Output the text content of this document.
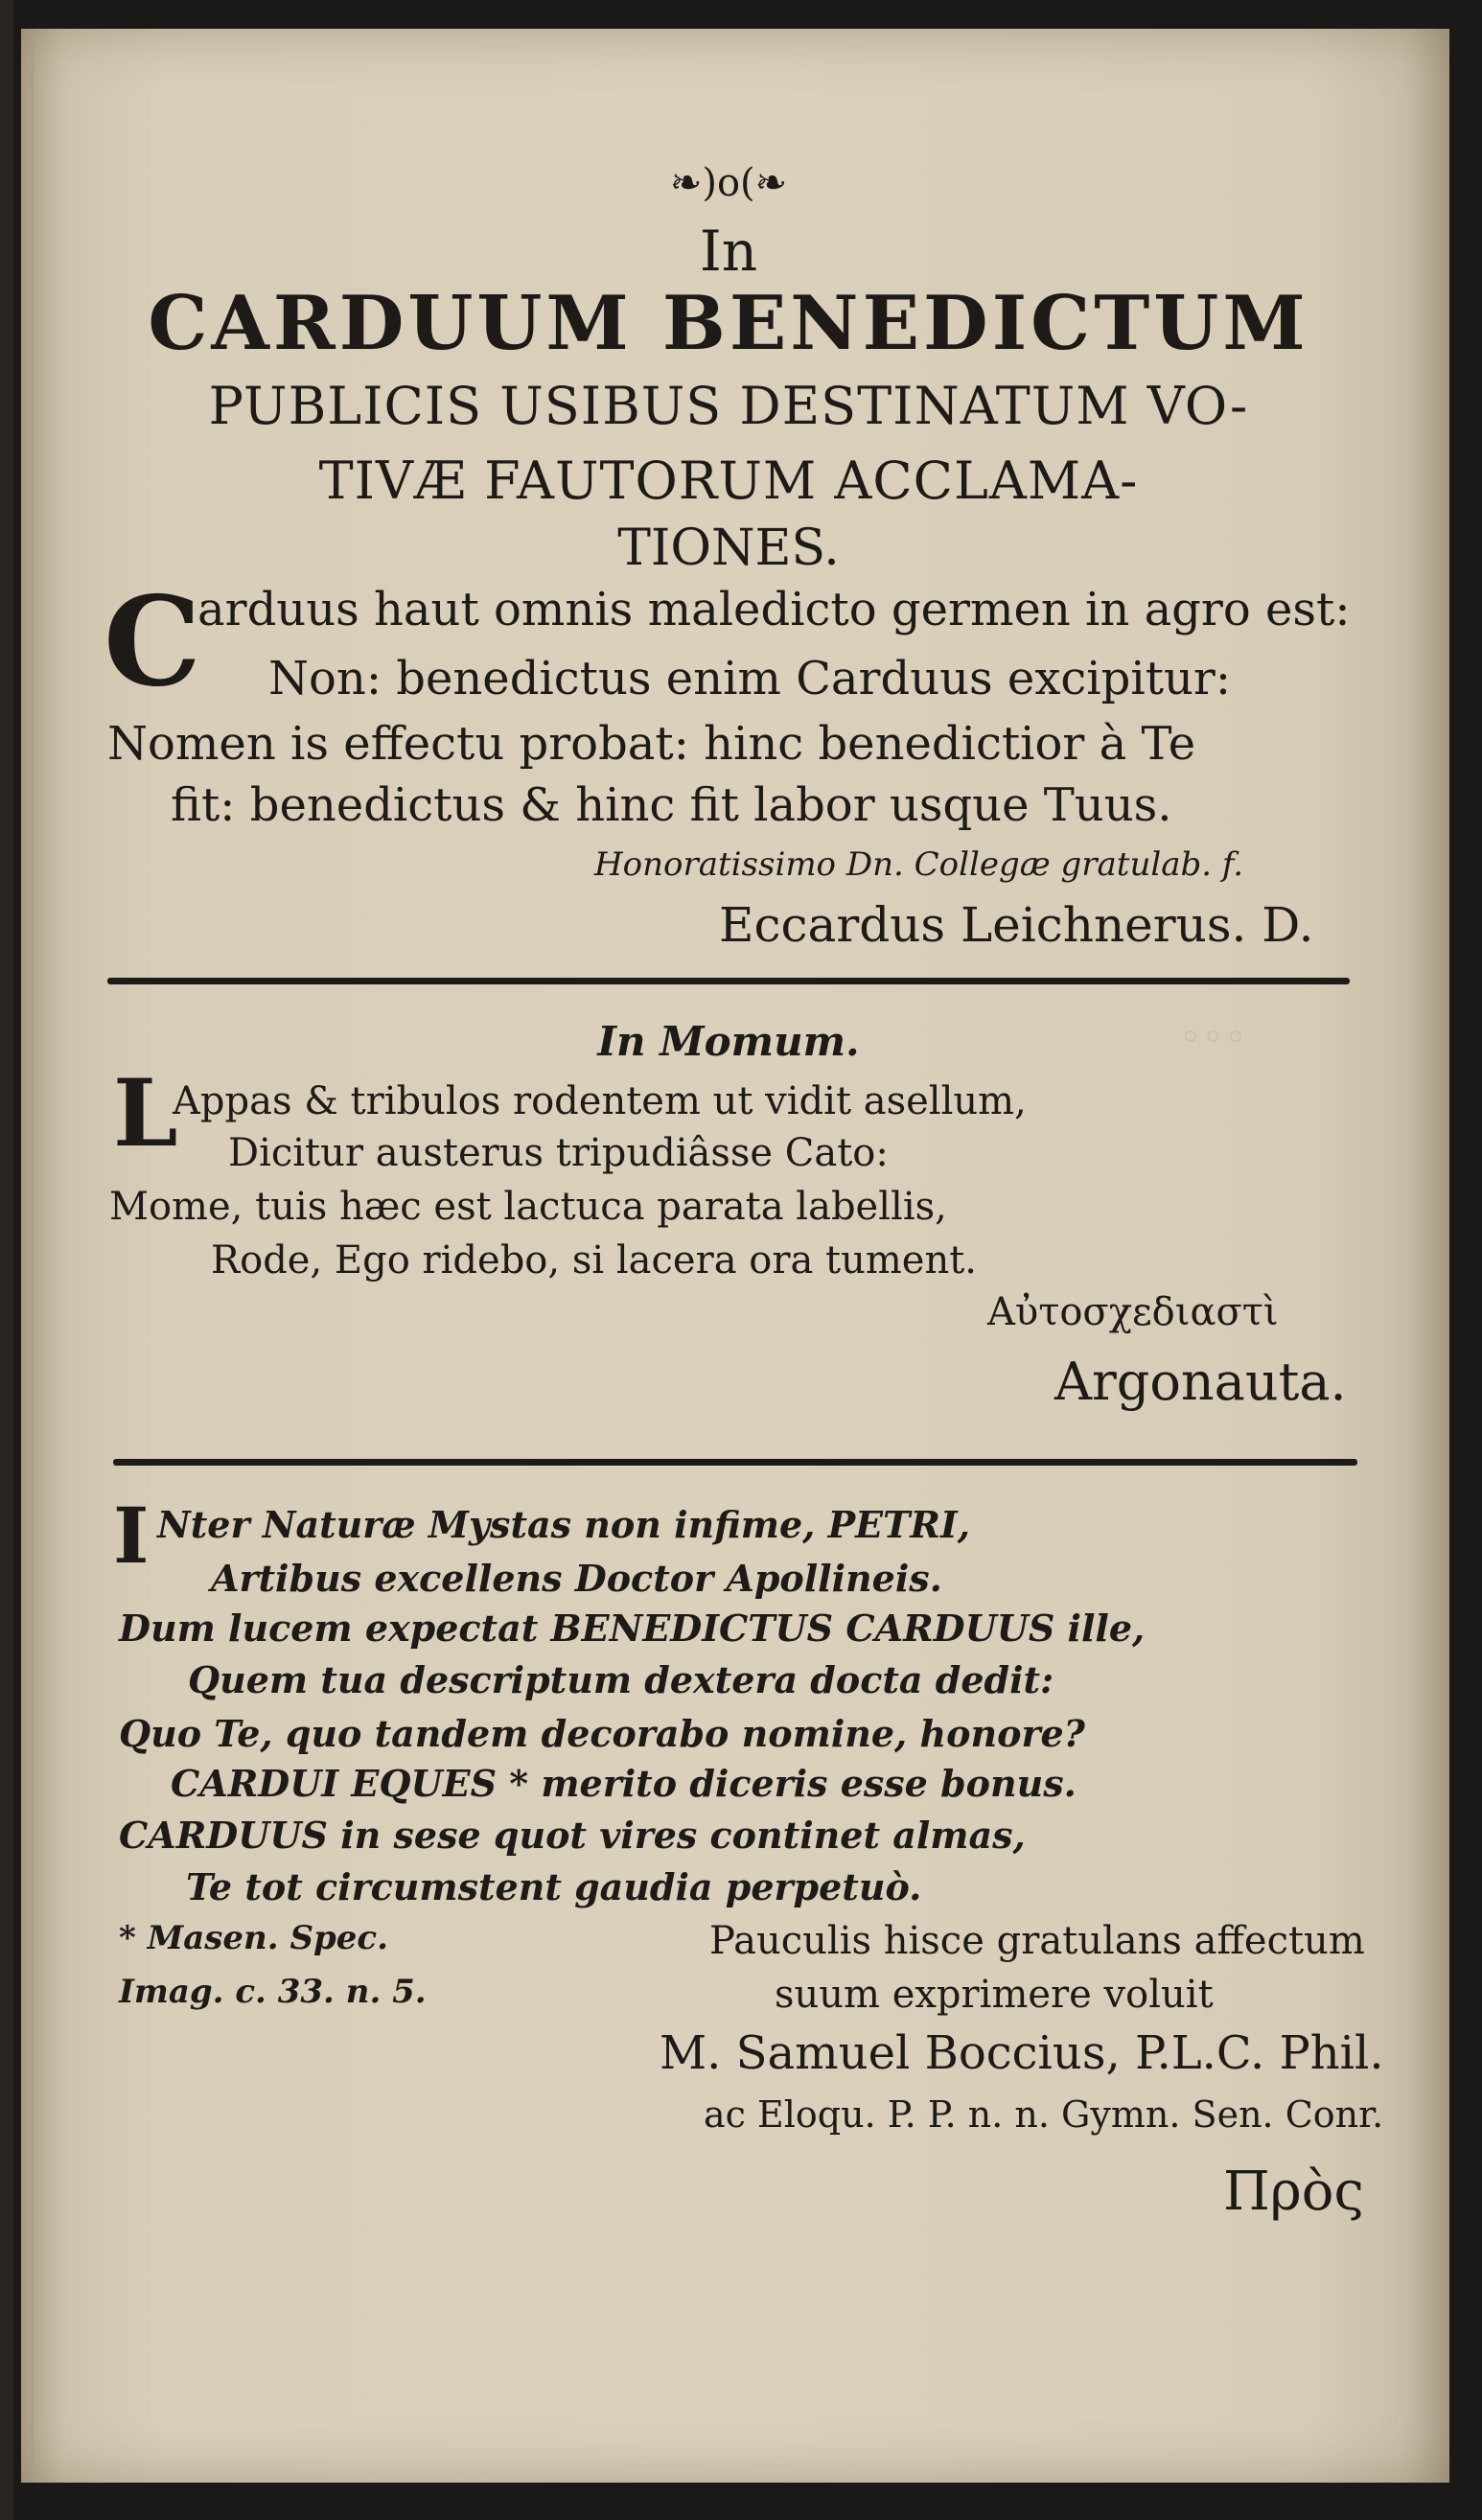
◦◦◦
❧)o(❧
In
CARDUUM BENEDICTUM
PUBLICIS USIBUS DESTINATUM VO-
TIVÆ FAUTORUM ACCLAMA-
TIONES.
C
arduus haut omnis maledicto germen in agro est:
Non: benedictus enim Carduus excipitur:
Nomen is effectu probat: hinc benedictior à Te
fit: benedictus & hinc fit labor usque Tuus.
Honoratissimo Dn. Collegæ gratulab. f.
Eccardus Leichnerus. D.
In Momum.
L
Appas & tribulos rodentem ut vidit asellum,
Dicitur austerus tripudiâsse Cato:
Mome, tuis hæc est lactuca parata labellis,
Rode, Ego ridebo, si lacera ora tument.
Αὐτοσχεδιαστὶ
Argonauta.
I Nter Naturæ Mystas non infime, PETRI,
Artibus excellens Doctor Apollineis.
Dum lucem expectat BENEDICTUS CARDUUS ille,
Quem tua descriptum dextera docta dedit:
Quo Te, quo tandem decorabo nomine, honore?
CARDUI EQUES * merito diceris esse bonus.
CARDUUS in sese quot vires continet almas,
Te tot circumstent gaudia perpetuò.
* Masen. Spec.
Imag. c. 33. n. 5.
Pauculis hisce gratulans affectum
suum exprimere voluit
M. Samuel Boccius, P.L.C. Phil.
ac Eloqu. P. P. n. n. Gymn. Sen. Conr.
Πρὸς
